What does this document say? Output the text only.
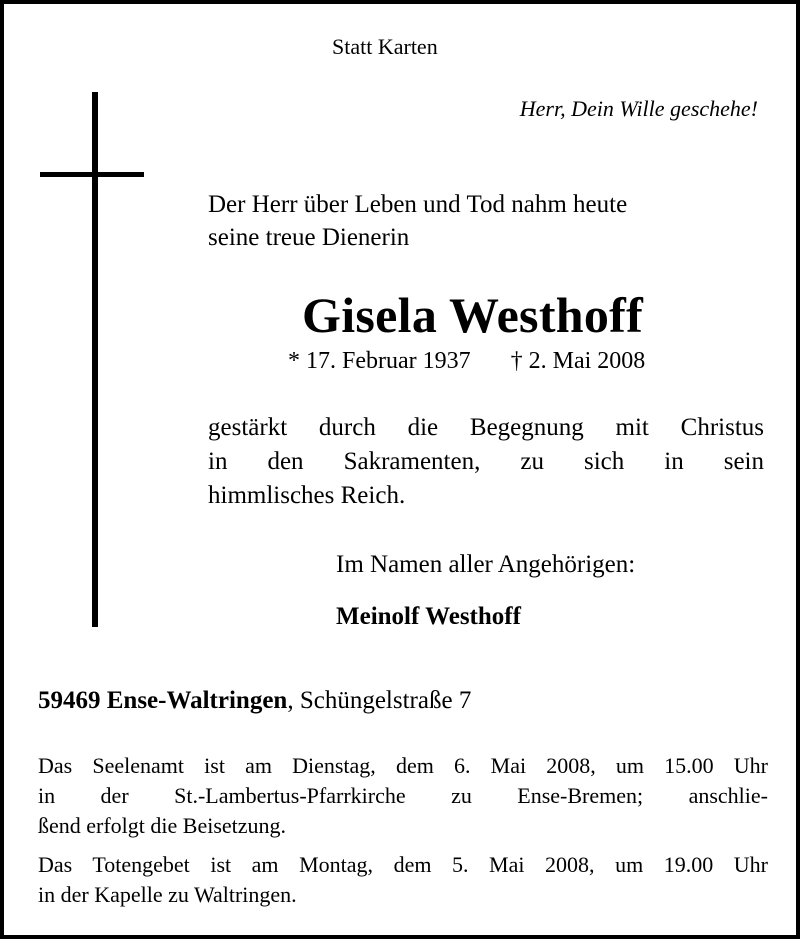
Statt Karten
Herr, Dein Wille geschehe!
Der Herr über Leben und Tod nahm heute
seine treue Dienerin
Gisela Westhoff
* 17. Februar 1937 † 2. Mai 2008
gestärkt durch die Begegnung mit Christus
in den Sakramenten, zu sich in sein
himmlisches Reich.
Im Namen aller Angehörigen:
Meinolf Westhoff
59469 Ense-Waltringen, Schüngelstraße 7
Das Seelenamt ist am Dienstag, dem 6. Mai 2008, um 15.00 Uhr
in der St.-Lambertus-Pfarrkirche zu Ense-Bremen; anschlie-
ßend erfolgt die Beisetzung.
Das Totengebet ist am Montag, dem 5. Mai 2008, um 19.00 Uhr
in der Kapelle zu Waltringen.
